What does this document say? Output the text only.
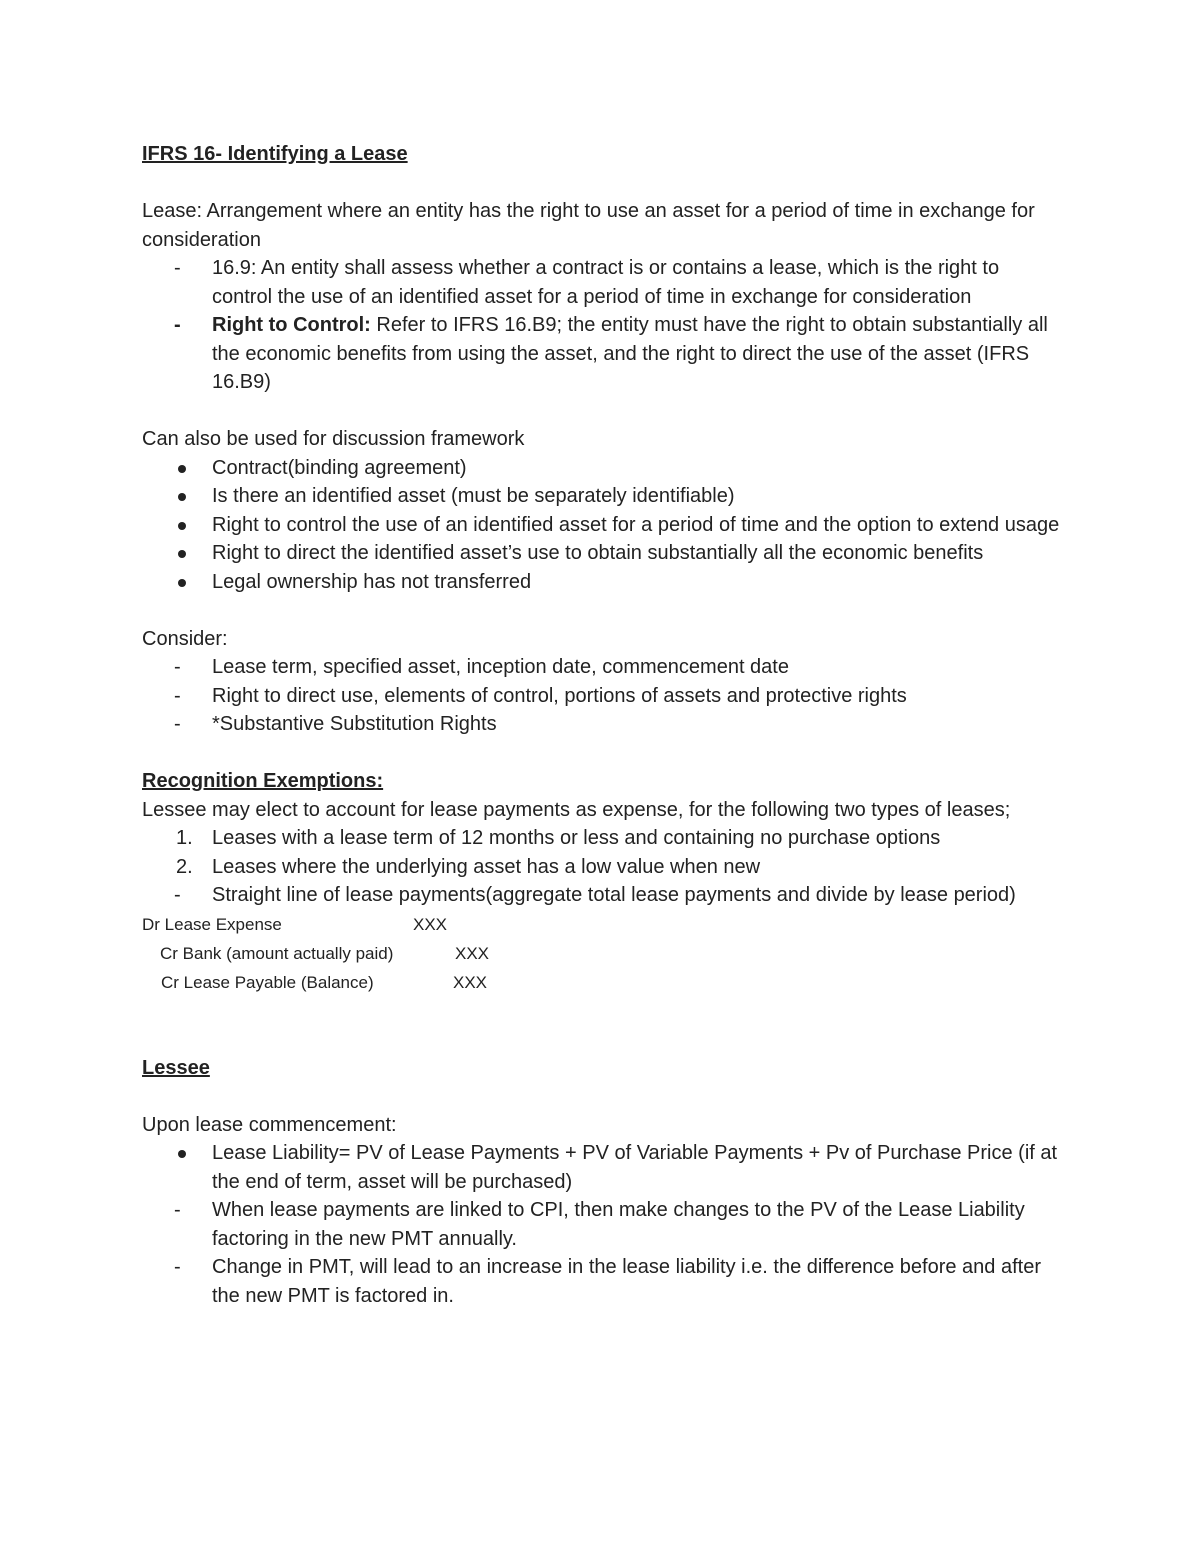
IFRS 16- Identifying a Lease

Lease: Arrangement where an entity has the right to use an asset for a period of time in exchange for consideration

- 16.9: An entity shall assess whether a contract is or contains a lease, which is the right to control the use of an identified asset for a period of time in exchange for consideration
- Right to Control: Refer to IFRS 16.B9; the entity must have the right to obtain substantially all the economic benefits from using the asset, and the right to direct the use of the asset (IFRS 16.B9)

Can also be used for discussion framework

Contract(binding agreement)
Is there an identified asset (must be separately identifiable)
Right to control the use of an identified asset for a period of time and the option to extend usage
Right to direct the identified asset’s use to obtain substantially all the economic benefits
Legal ownership has not transferred

Consider:

- Lease term, specified asset, inception date, commencement date
- Right to direct use, elements of control, portions of assets and protective rights
- *Substantive Substitution Rights

Recognition Exemptions:

Lessee may elect to account for lease payments as expense, for the following two types of leases;

1. Leases with a lease term of 12 months or less and containing no purchase options
2. Leases where the underlying asset has a low value when new
- Straight line of lease payments(aggregate total lease payments and divide by lease period)
Dr Lease Expense	XXX
Cr Bank (amount actually paid)	XXX
Cr Lease Payable (Balance)	XXX

Lessee

Upon lease commencement:

Lease Liability= PV of Lease Payments + PV of Variable Payments + Pv of Purchase Price (if at the end of term, asset will be purchased)
- When lease payments are linked to CPI, then make changes to the PV of the Lease Liability factoring in the new PMT annually.
- Change in PMT, will lead to an increase in the lease liability i.e. the difference before and after the new PMT is factored in.
